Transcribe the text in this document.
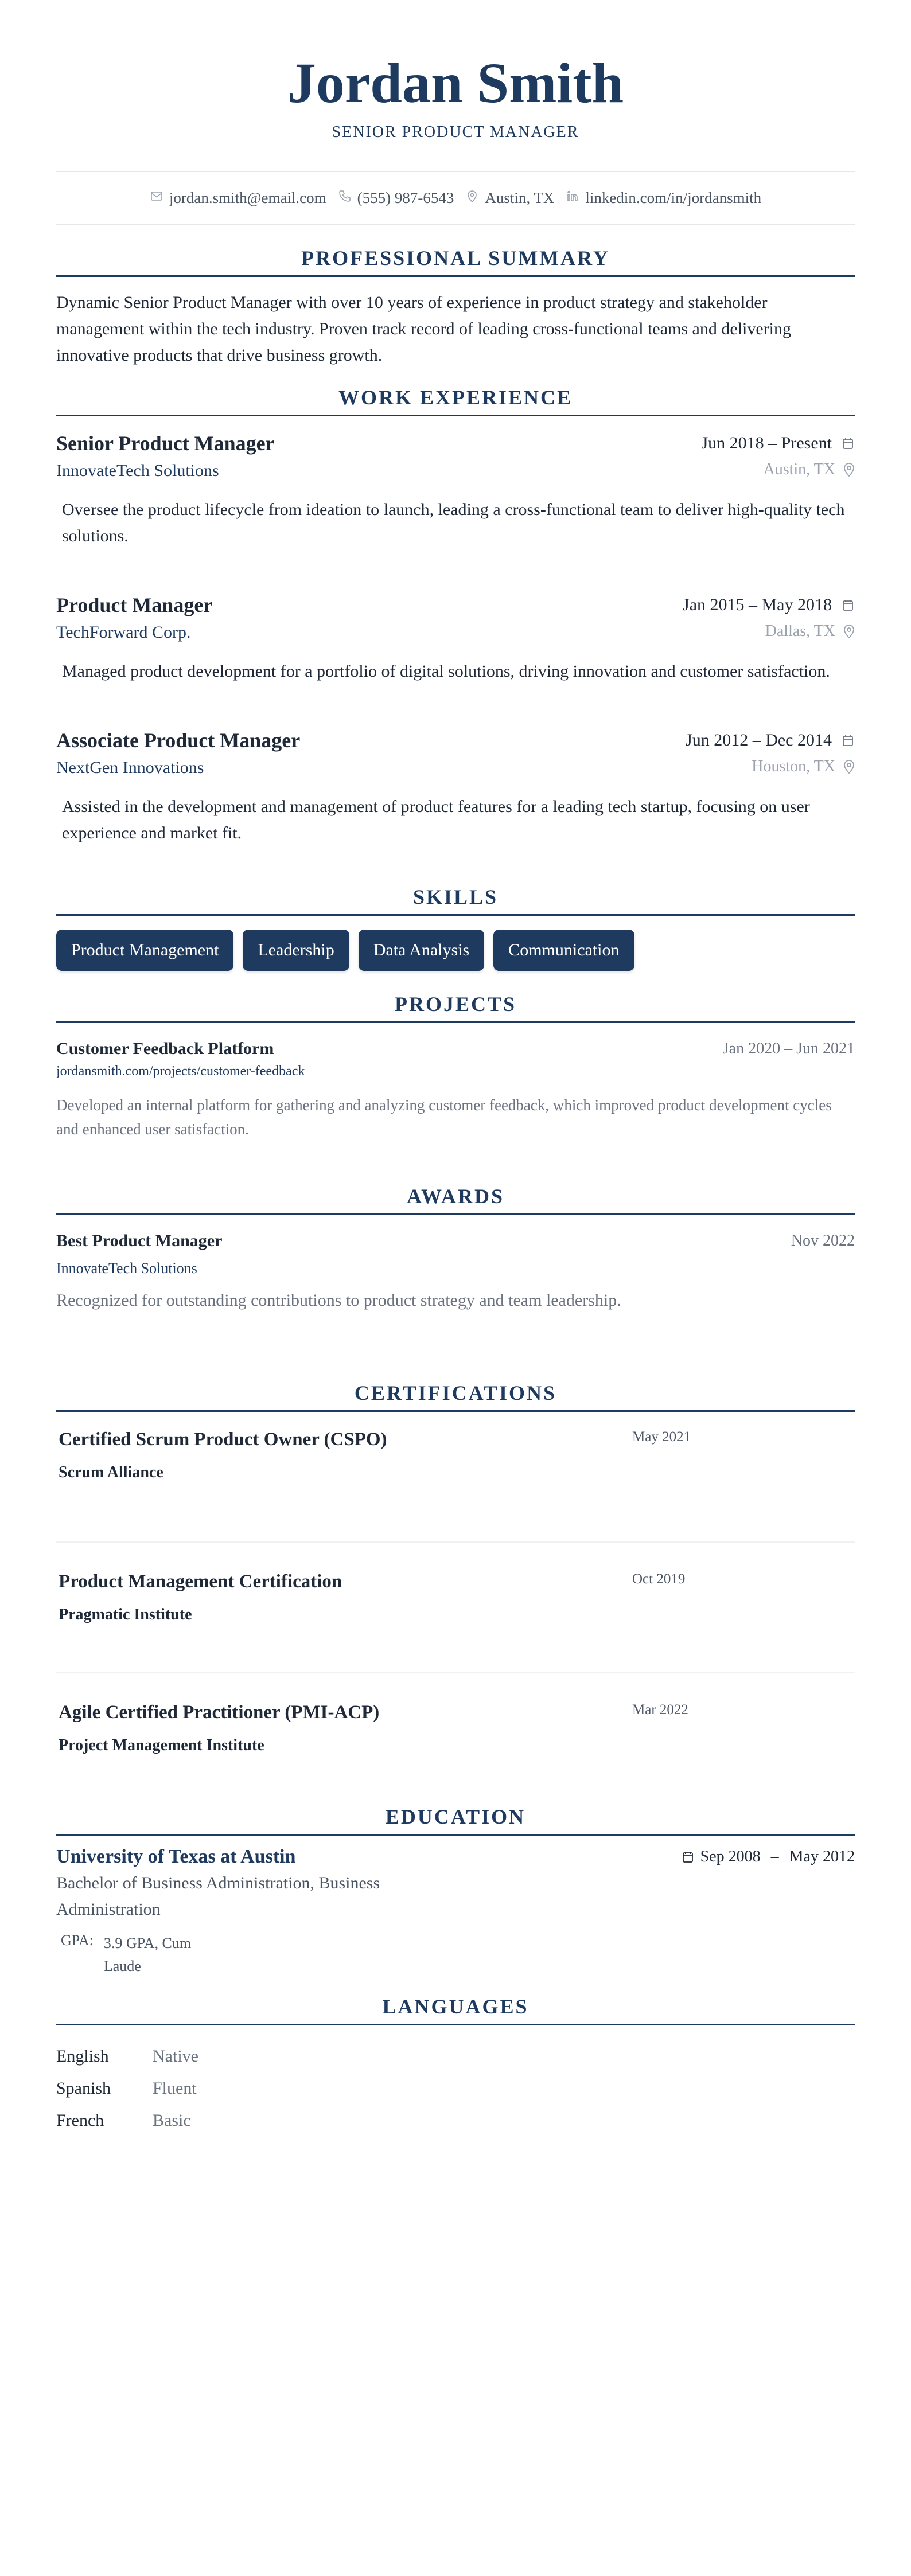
Jordan Smith
SENIOR PRODUCT MANAGER
jordan.smith@email.com (555) 987-6543 Austin, TX linkedin.com/in/jordansmith
PROFESSIONAL SUMMARY

Dynamic Senior Product Manager with over 10 years of experience in product strategy and stakeholder management within the tech industry. Proven track record of leading cross-functional teams and delivering innovative products that drive business growth.

WORK EXPERIENCE
Senior Product Manager	Jun 2018 – Present
InnovateTech Solutions	Austin, TX

Oversee the product lifecycle from ideation to launch, leading a cross-functional team to deliver high-quality tech solutions.

Product Manager	Jan 2015 – May 2018
TechForward Corp.	Dallas, TX

Managed product development for a portfolio of digital solutions, driving innovation and customer satisfaction.

Associate Product Manager	Jun 2012 – Dec 2014
NextGen Innovations	Houston, TX

Assisted in the development and management of product features for a leading tech startup, focusing on user experience and market fit.

SKILLS
Product Management	Leadership	Data Analysis	Communication
PROJECTS
Customer Feedback Platform	Jan 2020 – Jun 2021
jordansmith.com/projects/customer-feedback

Developed an internal platform for gathering and analyzing customer feedback, which improved product development cycles and enhanced user satisfaction.

AWARDS
Best Product Manager	Nov 2022
InnovateTech Solutions

Recognized for outstanding contributions to product strategy and team leadership.

CERTIFICATIONS
Certified Scrum Product Owner (CSPO)
Scrum Alliance
May 2021
Product Management Certification
Pragmatic Institute
Oct 2019
Agile Certified Practitioner (PMI-ACP)
Project Management Institute
Mar 2022
EDUCATION
University of Texas at Austin	Sep 2008 – May 2012
Bachelor of Business Administration, Business Administration
GPA: 3.9 GPA, Cum Laude
LANGUAGES
English	Native
Spanish	Fluent
French	Basic
